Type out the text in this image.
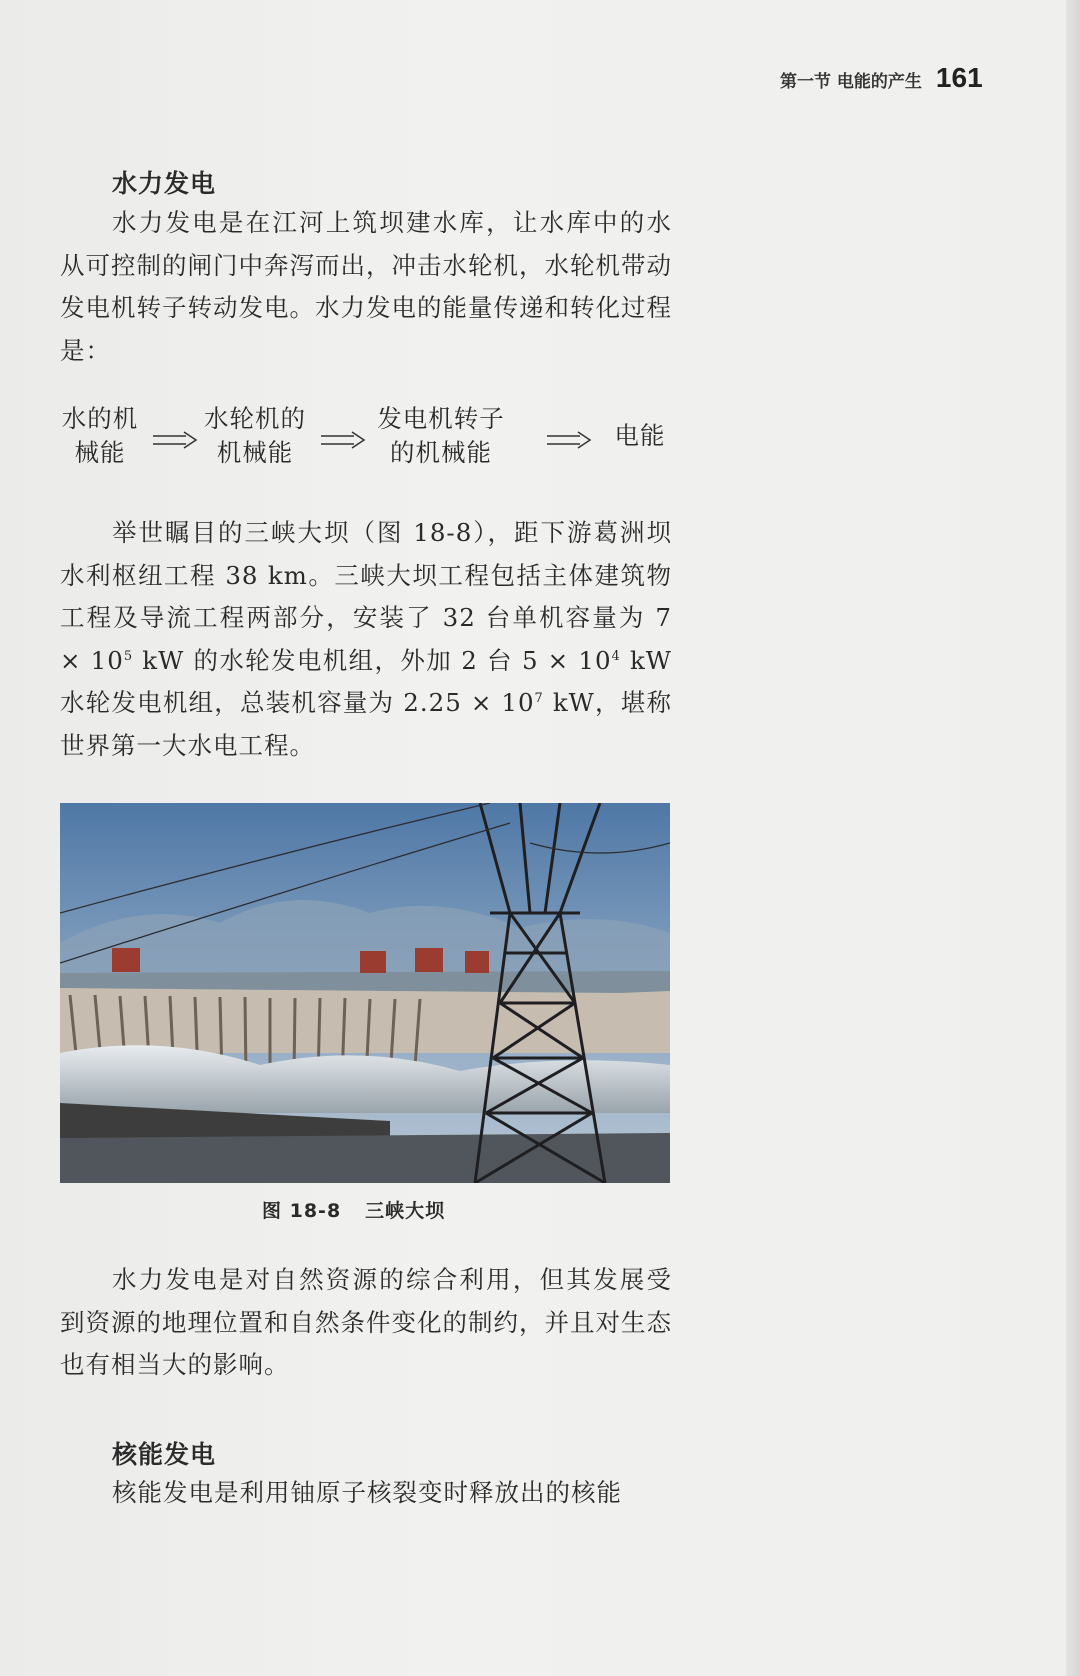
第一节 电能的产生 161
水力发电

水力发电是在江河上筑坝建水库，让水库中的水从可控制的闸门中奔泻而出，冲击水轮机，水轮机带动发电机转子转动发电。水力发电的能量传递和转化过程是：

水的机
械能
水轮机的
机械能
发电机转子
的机械能
电能

举世瞩目的三峡大坝（图 18-8），距下游葛洲坝水利枢纽工程 38 km。三峡大坝工程包括主体建筑物工程及导流工程两部分，安装了 32 台单机容量为 $7 \times 10^5$ kW 的水轮发电机组，外加 2 台 $5 \times 10^4$ kW 水轮发电机组，总装机容量为 $2.25 \times 10^7$ kW，堪称世界第一大水电工程。

图 18-8 三峡大坝

水力发电是对自然资源的综合利用，但其发展受到资源的地理位置和自然条件变化的制约，并且对生态也有相当大的影响。

核能发电

核能发电是利用铀原子核裂变时释放出的核能
